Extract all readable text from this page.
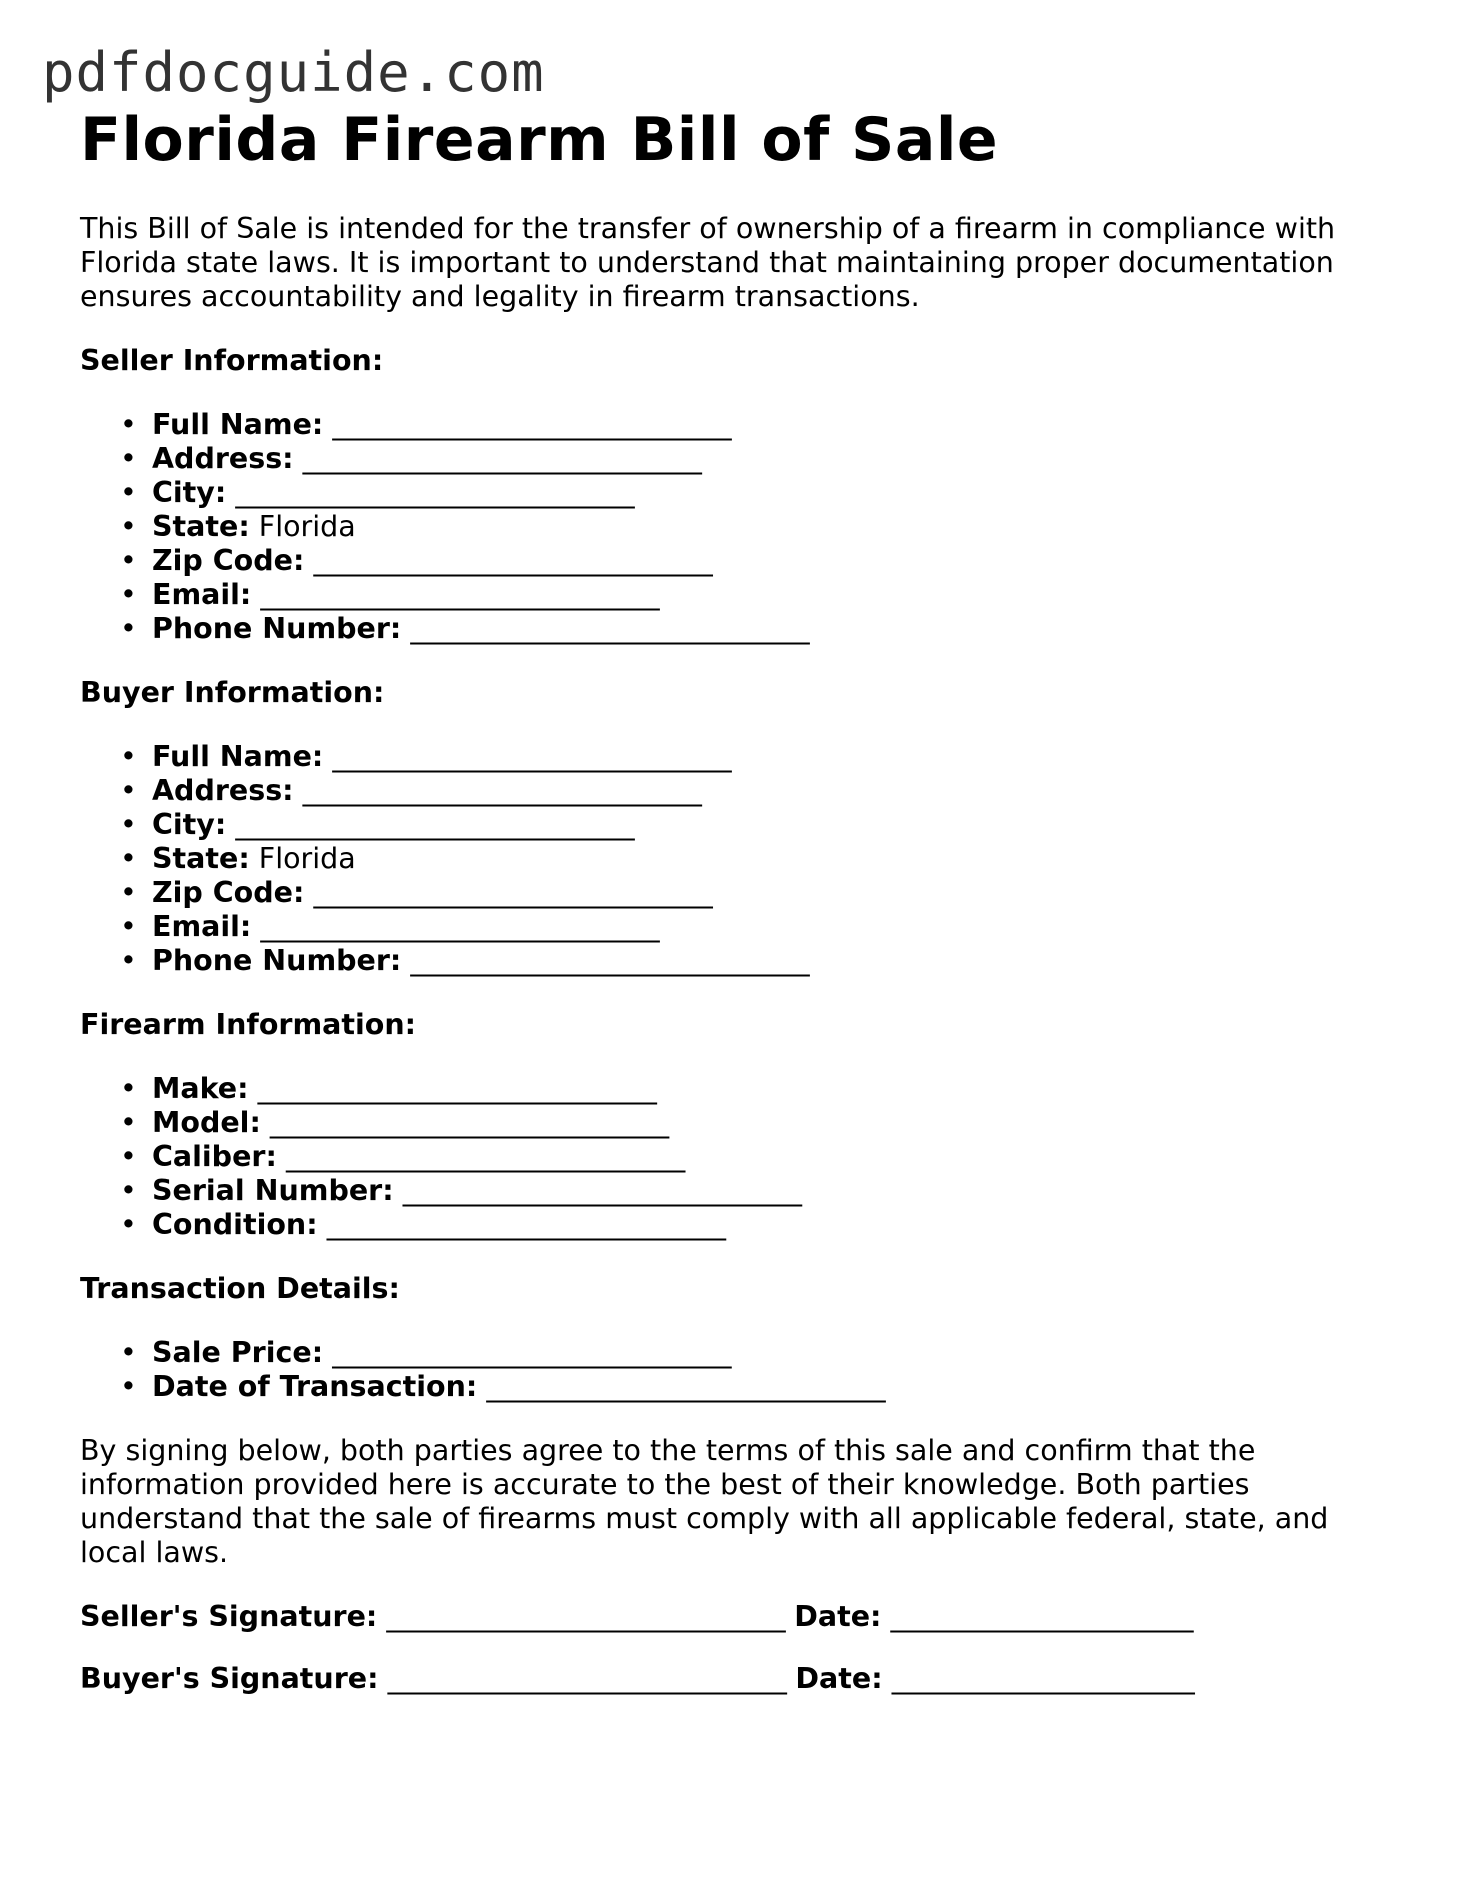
pdfdocguide.com
Florida Firearm Bill of Sale

This Bill of Sale is intended for the transfer of ownership of a firearm in compliance with Florida state laws. It is important to understand that maintaining proper documentation ensures accountability and legality in firearm transactions.

Seller Information:
• Full Name: _____________________________
• Address: _____________________________
• City: _____________________________
• State: Florida
• Zip Code: _____________________________
• Email: _____________________________
• Phone Number: _____________________________
Buyer Information:
• Full Name: _____________________________
• Address: _____________________________
• City: _____________________________
• State: Florida
• Zip Code: _____________________________
• Email: _____________________________
• Phone Number: _____________________________
Firearm Information:
• Make: _____________________________
• Model: _____________________________
• Caliber: _____________________________
• Serial Number: _____________________________
• Condition: _____________________________
Transaction Details:
• Sale Price: _____________________________
• Date of Transaction: _____________________________

By signing below, both parties agree to the terms of this sale and confirm that the information provided here is accurate to the best of their knowledge. Both parties understand that the sale of firearms must comply with all applicable federal, state, and local laws.

Seller's Signature: _____________________________ Date: ______________________
Buyer's Signature: _____________________________ Date: ______________________
